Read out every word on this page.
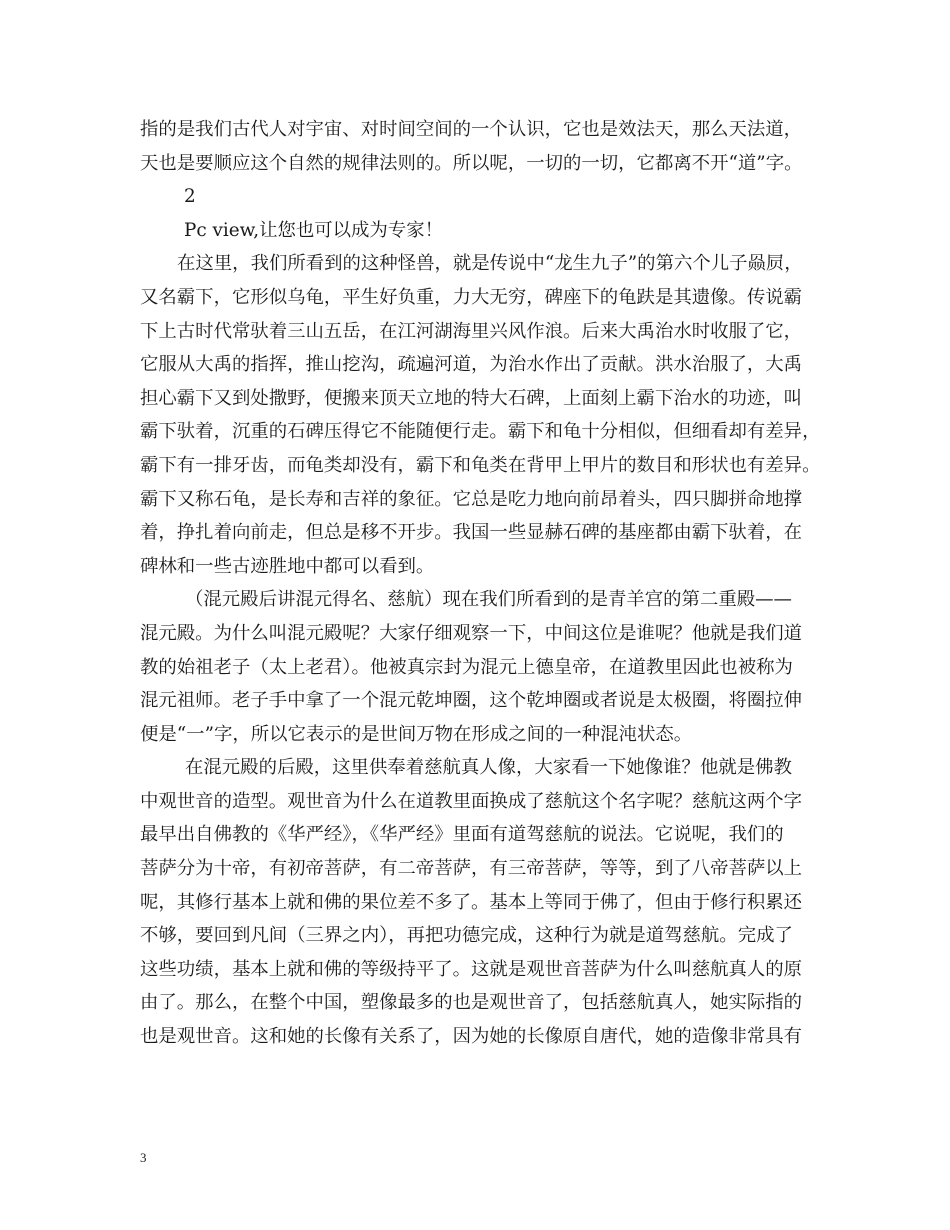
指的是我们古代人对宇宙、对时间空间的一个认识，它也是效法天，那么天法道，
天也是要顺应这个自然的规律法则的。所以呢，一切的一切，它都离不开“道”字。

2

Pc view,让您也可以成为专家！

在这里，我们所看到的这种怪兽，就是传说中“龙生九子”的第六个儿子赑屃，
又名霸下，它形似乌龟，平生好负重，力大无穷，碑座下的龟趺是其遗像。传说霸
下上古时代常驮着三山五岳，在江河湖海里兴风作浪。后来大禹治水时收服了它，
它服从大禹的指挥，推山挖沟，疏遍河道，为治水作出了贡献。洪水治服了，大禹
担心霸下又到处撒野，便搬来顶天立地的特大石碑，上面刻上霸下治水的功迹，叫
霸下驮着，沉重的石碑压得它不能随便行走。霸下和龟十分相似，但细看却有差异，
霸下有一排牙齿，而龟类却没有，霸下和龟类在背甲上甲片的数目和形状也有差异。
霸下又称石龟，是长寿和吉祥的象征。它总是吃力地向前昂着头，四只脚拼命地撑
着，挣扎着向前走，但总是移不开步。我国一些显赫石碑的基座都由霸下驮着，在
碑林和一些古迹胜地中都可以看到。

（混元殿后讲混元得名、慈航）现在我们所看到的是青羊宫的第二重殿——
混元殿。为什么叫混元殿呢？大家仔细观察一下，中间这位是谁呢？他就是我们道
教的始祖老子（太上老君）。他被真宗封为混元上德皇帝，在道教里因此也被称为
混元祖师。老子手中拿了一个混元乾坤圈，这个乾坤圈或者说是太极圈，将圈拉伸
便是“一”字，所以它表示的是世间万物在形成之间的一种混沌状态。

在混元殿的后殿，这里供奉着慈航真人像，大家看一下她像谁？他就是佛教
中观世音的造型。观世音为什么在道教里面换成了慈航这个名字呢？慈航这两个字
最早出自佛教的《华严经》，《华严经》里面有道驾慈航的说法。它说呢，我们的
菩萨分为十帝，有初帝菩萨，有二帝菩萨，有三帝菩萨，等等，到了八帝菩萨以上
呢，其修行基本上就和佛的果位差不多了。基本上等同于佛了，但由于修行积累还
不够，要回到凡间（三界之内），再把功德完成，这种行为就是道驾慈航。完成了
这些功绩，基本上就和佛的等级持平了。这就是观世音菩萨为什么叫慈航真人的原
由了。那么，在整个中国，塑像最多的也是观世音了，包括慈航真人，她实际指的
也是观世音。这和她的长像有关系了，因为她的长像原自唐代，她的造像非常具有

3
